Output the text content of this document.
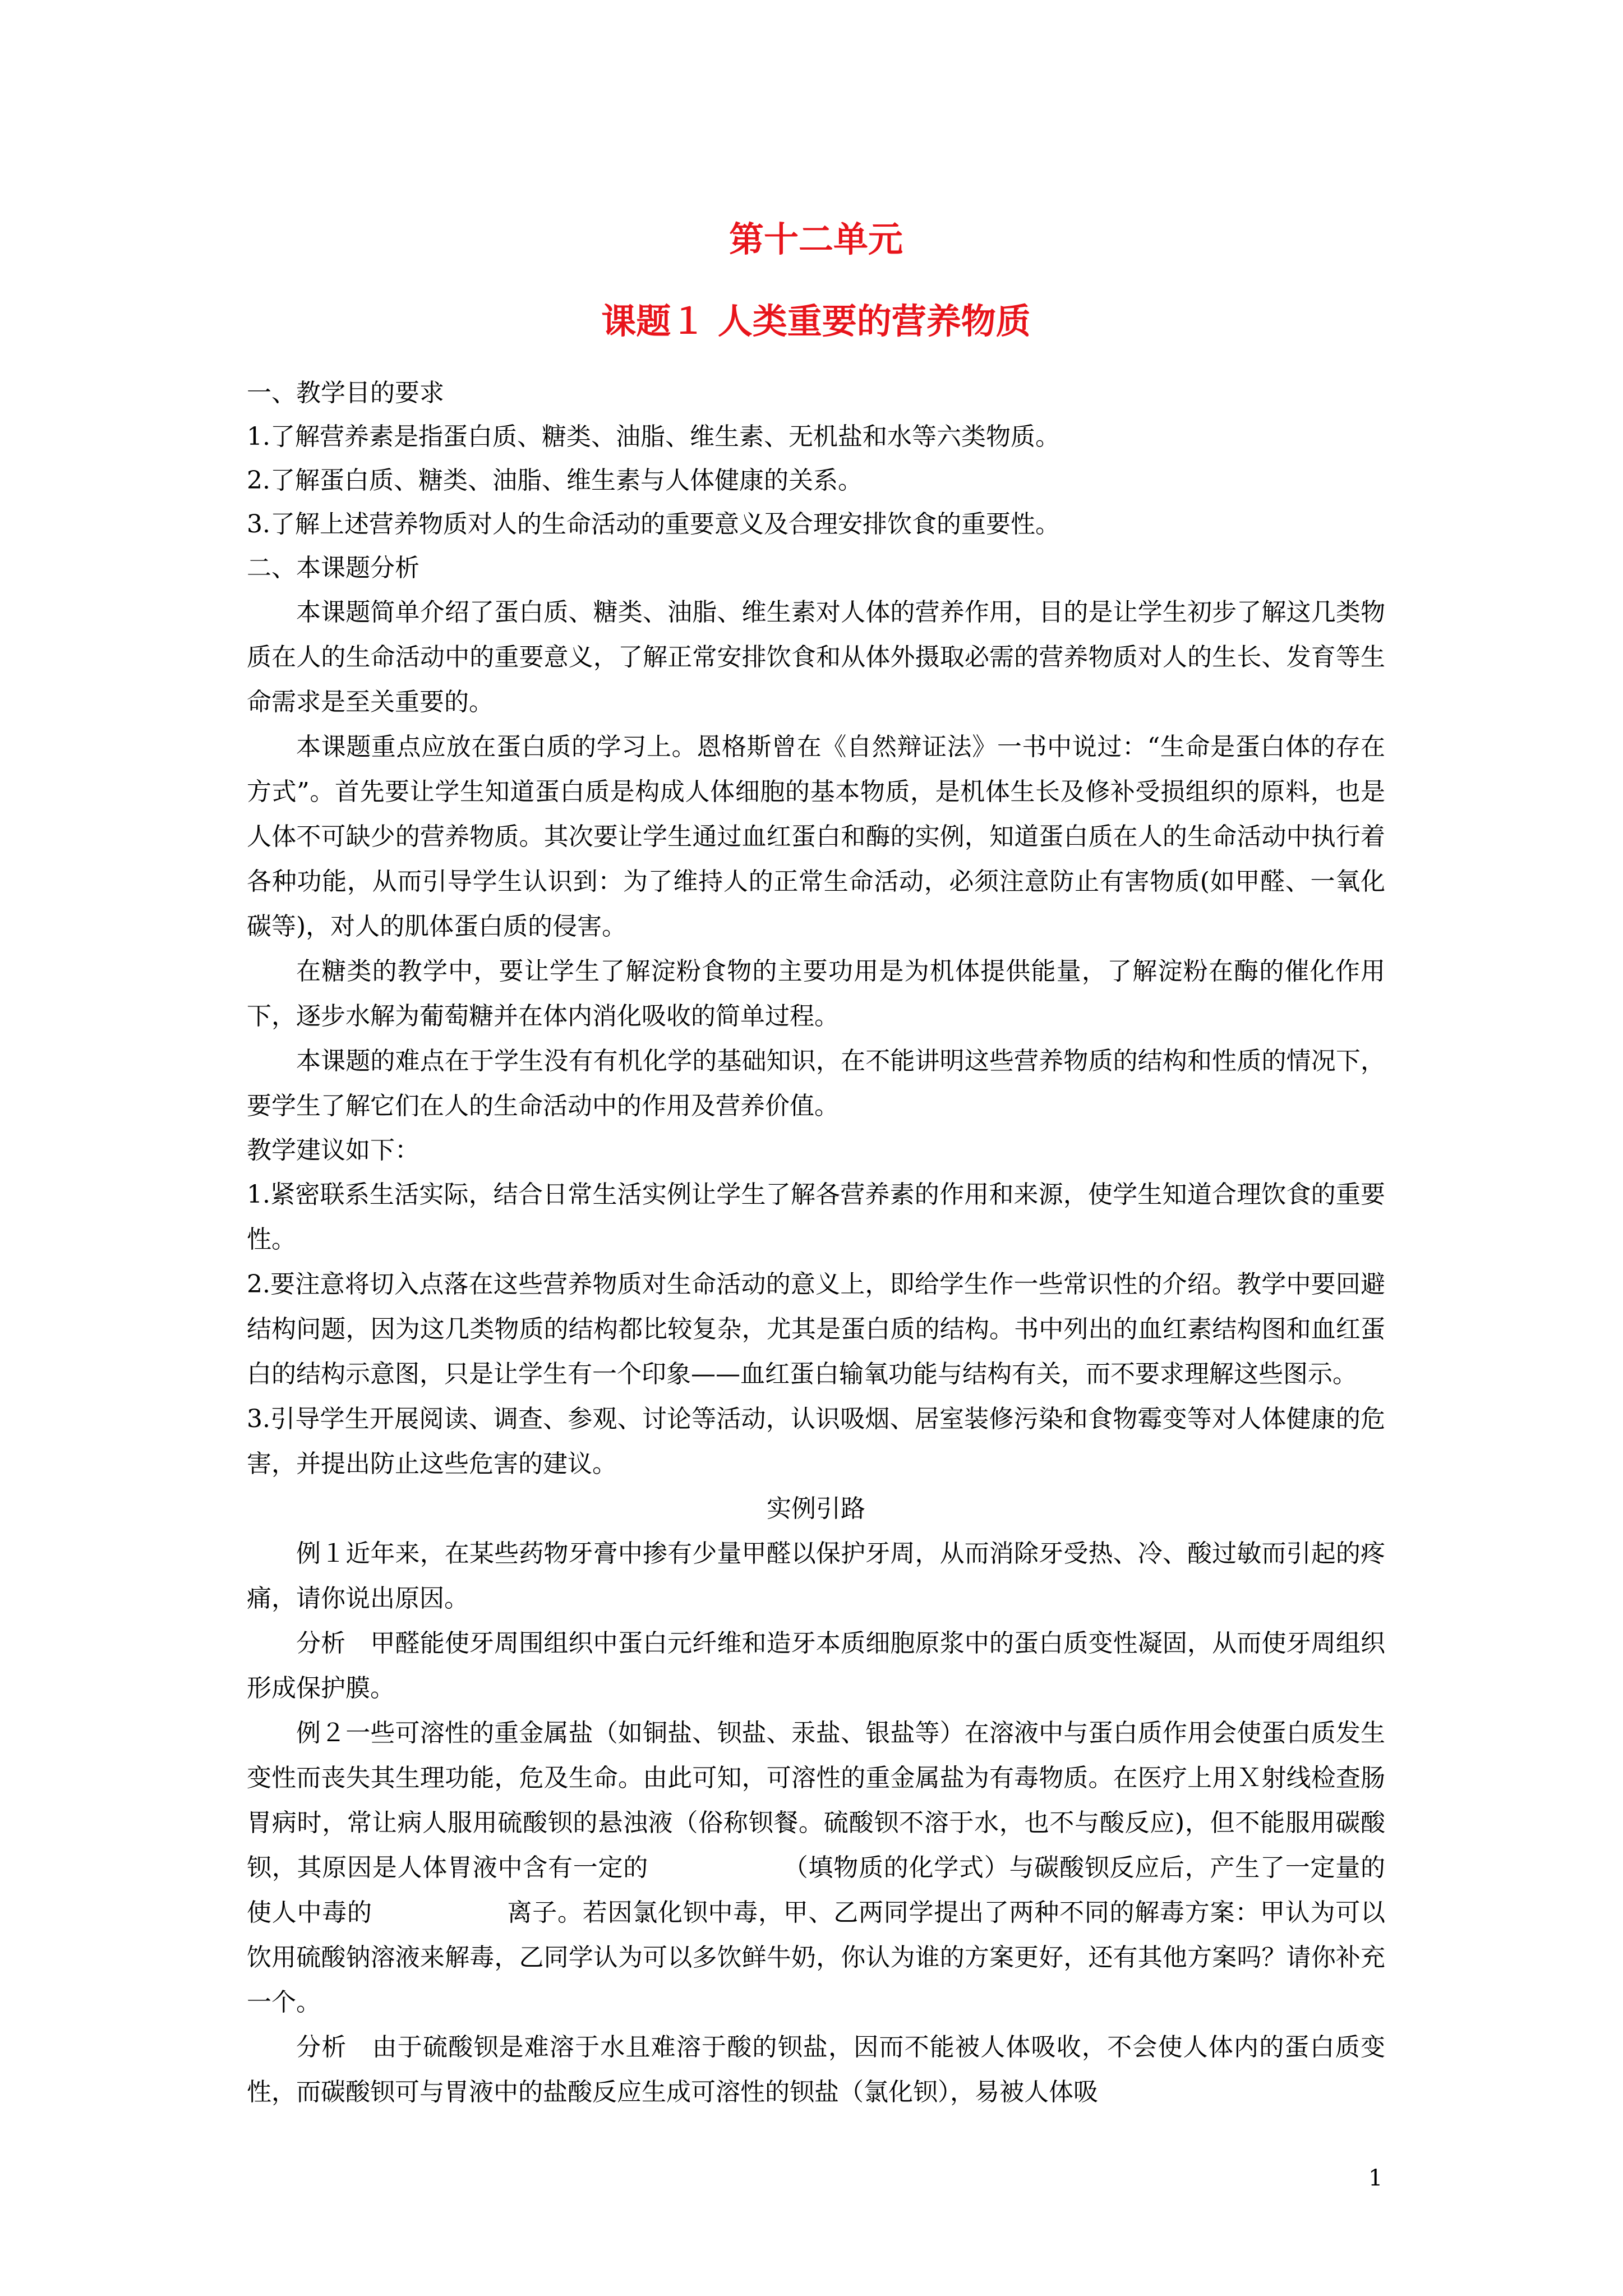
第十二单元
课题１ 人类重要的营养物质

一、教学目的要求

1.了解营养素是指蛋白质、糖类、油脂、维生素、无机盐和水等六类物质。

2.了解蛋白质、糖类、油脂、维生素与人体健康的关系。

3.了解上述营养物质对人的生命活动的重要意义及合理安排饮食的重要性。

二、本课题分析

本课题简单介绍了蛋白质、糖类、油脂、维生素对人体的营养作用，目的是让学生初步了解这几类物质在人的生命活动中的重要意义，了解正常安排饮食和从体外摄取必需的营养物质对人的生长、发育等生命需求是至关重要的。

本课题重点应放在蛋白质的学习上。恩格斯曾在《自然辩证法》一书中说过：“生命是蛋白体的存在方式”。首先要让学生知道蛋白质是构成人体细胞的基本物质，是机体生长及修补受损组织的原料，也是人体不可缺少的营养物质。其次要让学生通过血红蛋白和酶的实例，知道蛋白质在人的生命活动中执行着各种功能，从而引导学生认识到：为了维持人的正常生命活动，必须注意防止有害物质(如甲醛、一氧化碳等)，对人的肌体蛋白质的侵害。

在糖类的教学中，要让学生了解淀粉食物的主要功用是为机体提供能量，了解淀粉在酶的催化作用下，逐步水解为葡萄糖并在体内消化吸收的简单过程。

本课题的难点在于学生没有有机化学的基础知识，在不能讲明这些营养物质的结构和性质的情况下，要学生了解它们在人的生命活动中的作用及营养价值。

教学建议如下：

1.紧密联系生活实际，结合日常生活实例让学生了解各营养素的作用和来源，使学生知道合理饮食的重要性。

2.要注意将切入点落在这些营养物质对生命活动的意义上，即给学生作一些常识性的介绍。教学中要回避结构问题，因为这几类物质的结构都比较复杂，尤其是蛋白质的结构。书中列出的血红素结构图和血红蛋白的结构示意图，只是让学生有一个印象——血红蛋白输氧功能与结构有关，而不要求理解这些图示。

3.引导学生开展阅读、调查、参观、讨论等活动，认识吸烟、居室装修污染和食物霉变等对人体健康的危害，并提出防止这些危害的建议。

实例引路

例１近年来，在某些药物牙膏中掺有少量甲醛以保护牙周，从而消除牙受热、冷、酸过敏而引起的疼痛，请你说出原因。

分析　甲醛能使牙周围组织中蛋白元纤维和造牙本质细胞原浆中的蛋白质变性凝固，从而使牙周组织形成保护膜。

例２一些可溶性的重金属盐（如铜盐、钡盐、汞盐、银盐等）在溶液中与蛋白质作用会使蛋白质发生变性而丧失其生理功能，危及生命。由此可知，可溶性的重金属盐为有毒物质。在医疗上用Ｘ射线检查肠胃病时，常让病人服用硫酸钡的悬浊液（俗称钡餐。硫酸钡不溶于水，也不与酸反应)，但不能服用碳酸钡，其原因是人体胃液中含有一定的	（填物质的化学式）与碳酸钡反应后，产生了一定量的使人中毒的	离子。若因氯化钡中毒，甲、乙两同学提出了两种不同的解毒方案：甲认为可以饮用硫酸钠溶液来解毒，乙同学认为可以多饮鲜牛奶，你认为谁的方案更好，还有其他方案吗？请你补充一个。

分析　由于硫酸钡是难溶于水且难溶于酸的钡盐，因而不能被人体吸收，不会使人体内的蛋白质变性，而碳酸钡可与胃液中的盐酸反应生成可溶性的钡盐（氯化钡），易被人体吸

1
